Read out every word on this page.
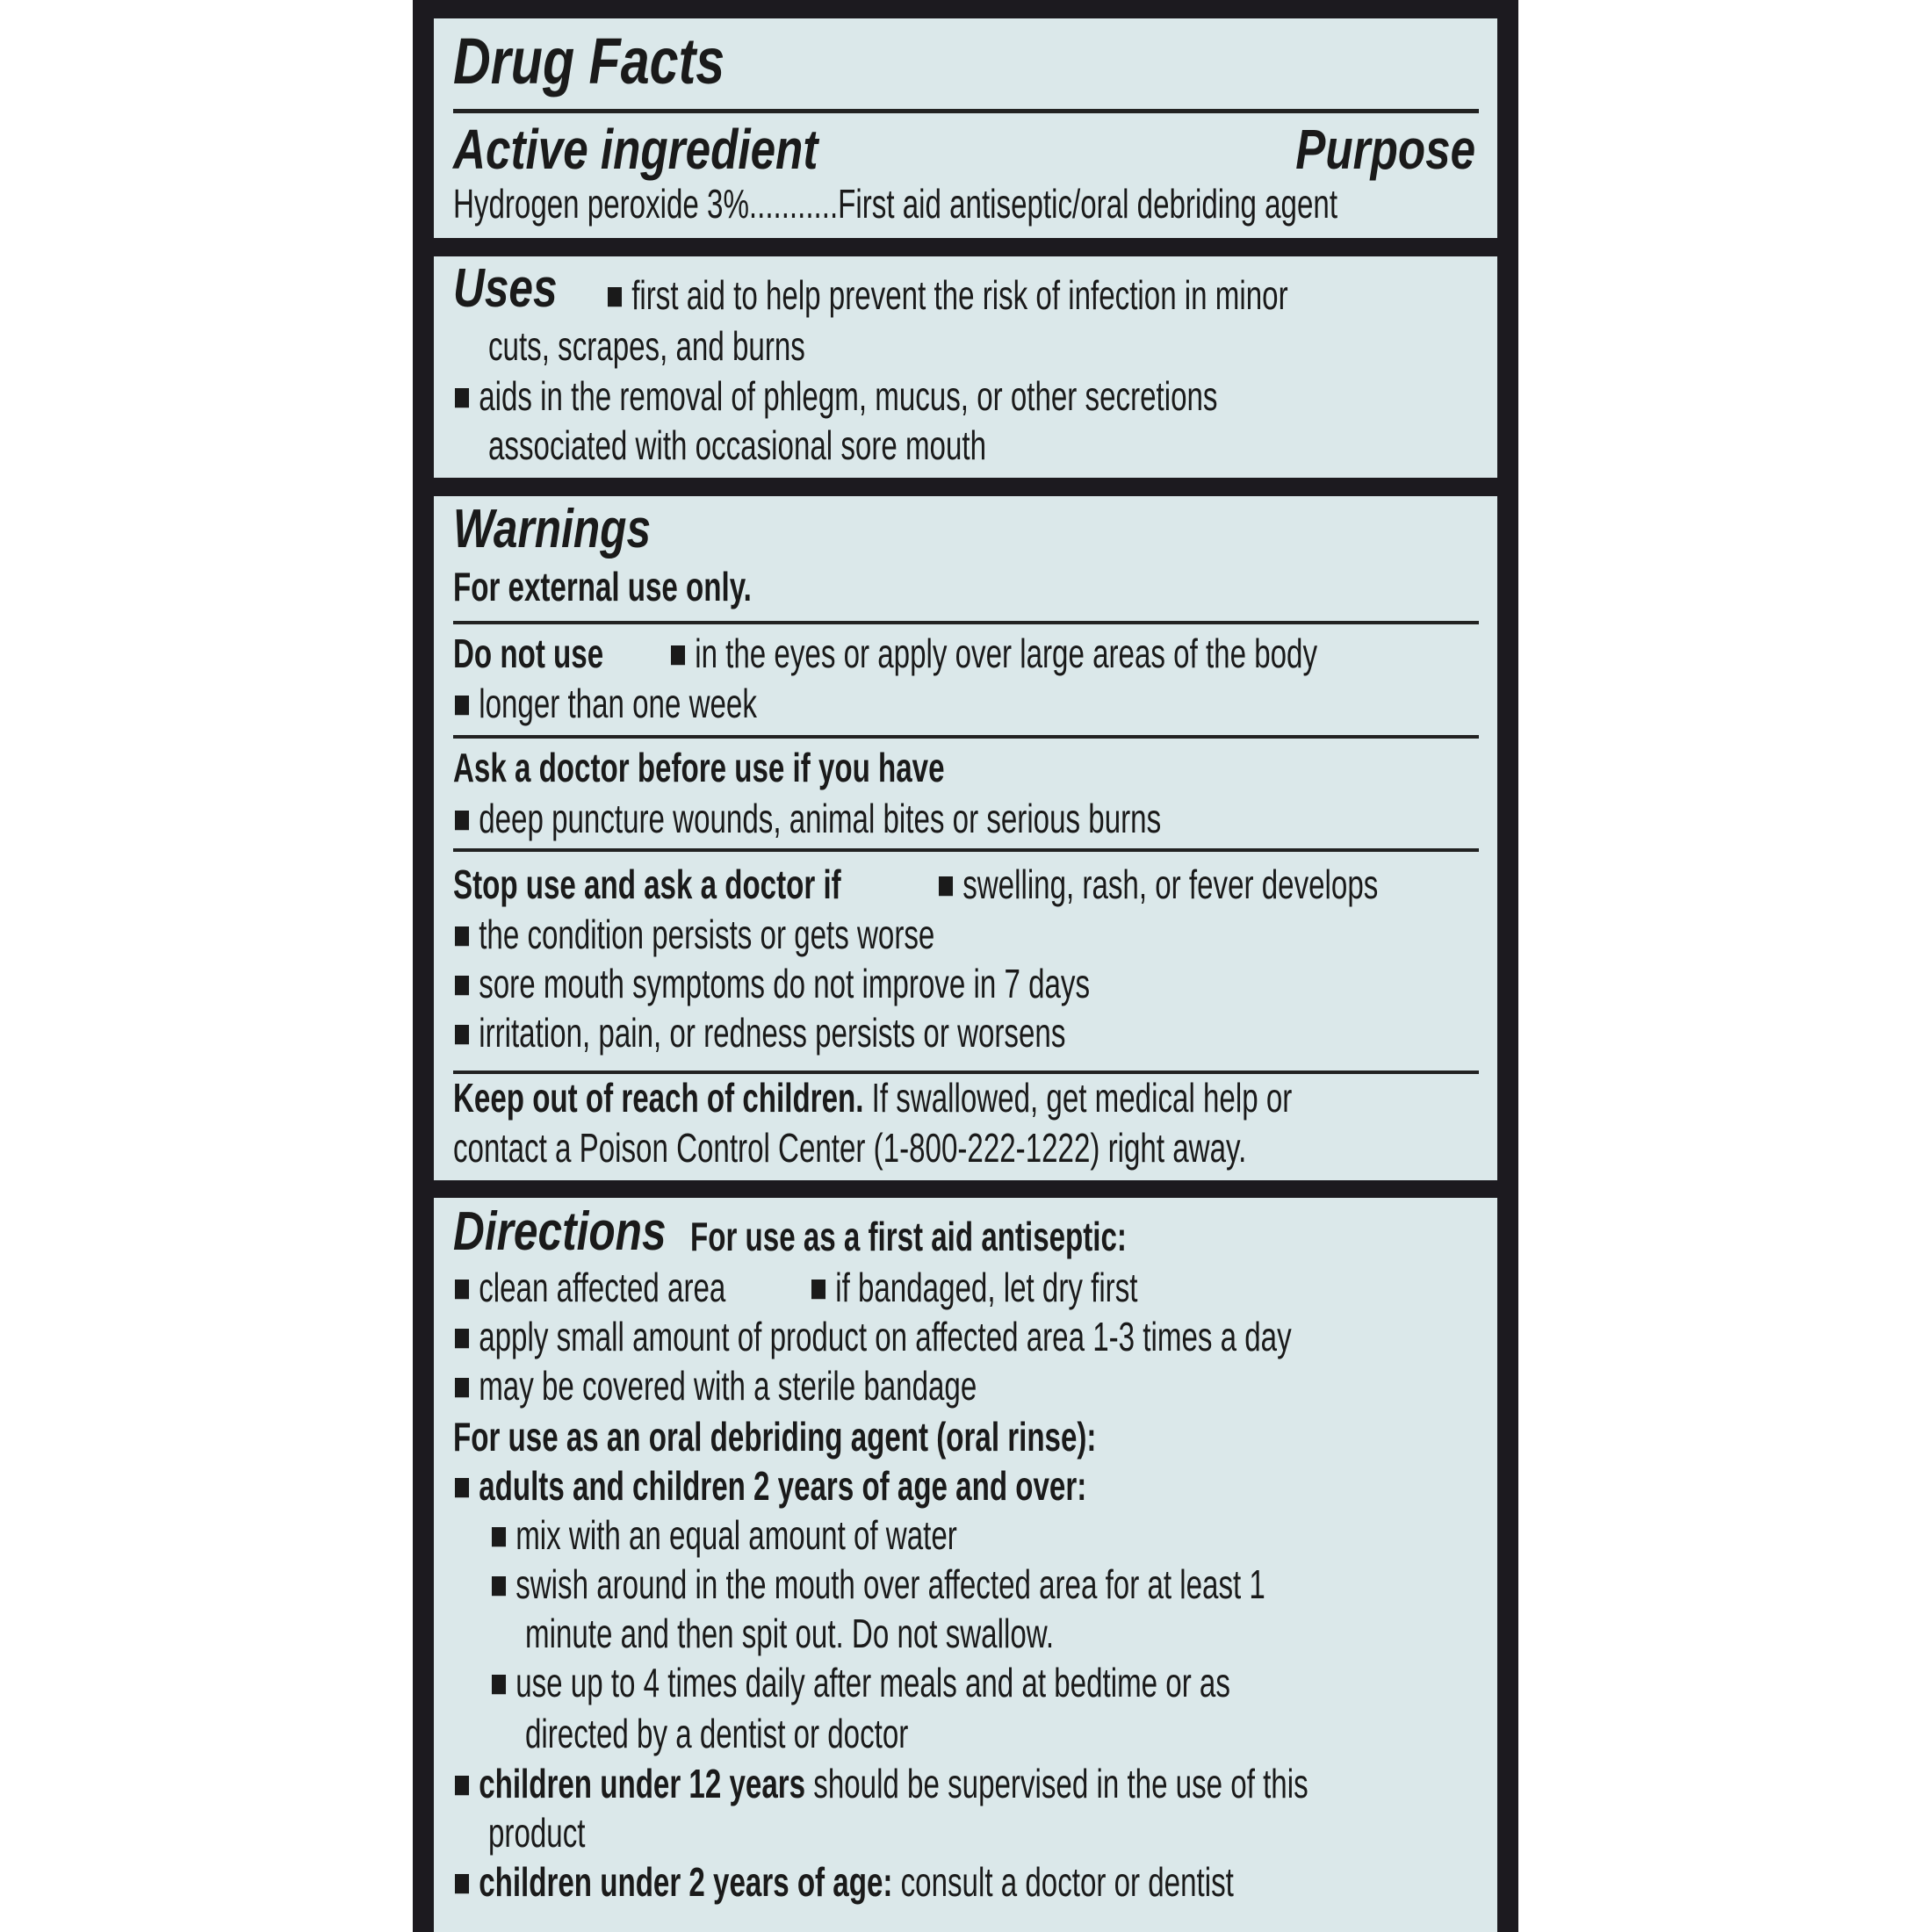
Drug Facts
Active ingredient	Purpose
Hydrogen peroxide 3%...........First aid antiseptic/oral debriding agent
Uses	■ first aid to help prevent the risk of infection in minor
cuts, scrapes, and burns
■ aids in the removal of phlegm, mucus, or other secretions
associated with occasional sore mouth
Warnings
For external use only.
Do not use	■ in the eyes or apply over large areas of the body
■ longer than one week
Ask a doctor before use if you have
■ deep puncture wounds, animal bites or serious burns
Stop use and ask a doctor if	■ swelling, rash, or fever develops
■ the condition persists or gets worse
■ sore mouth symptoms do not improve in 7 days
■ irritation, pain, or redness persists or worsens
Keep out of reach of children. If swallowed, get medical help or
contact a Poison Control Center (1-800-222-1222) right away.
Directions For use as a first aid antiseptic:
■ clean affected area	■ if bandaged, let dry first
■ apply small amount of product on affected area 1-3 times a day
■ may be covered with a sterile bandage
For use as an oral debriding agent (oral rinse):
■ adults and children 2 years of age and over:
■ mix with an equal amount of water
■ swish around in the mouth over affected area for at least 1
minute and then spit out. Do not swallow.
■ use up to 4 times daily after meals and at bedtime or as
directed by a dentist or doctor
■ children under 12 years should be supervised in the use of this
product
■ children under 2 years of age: consult a doctor or dentist
